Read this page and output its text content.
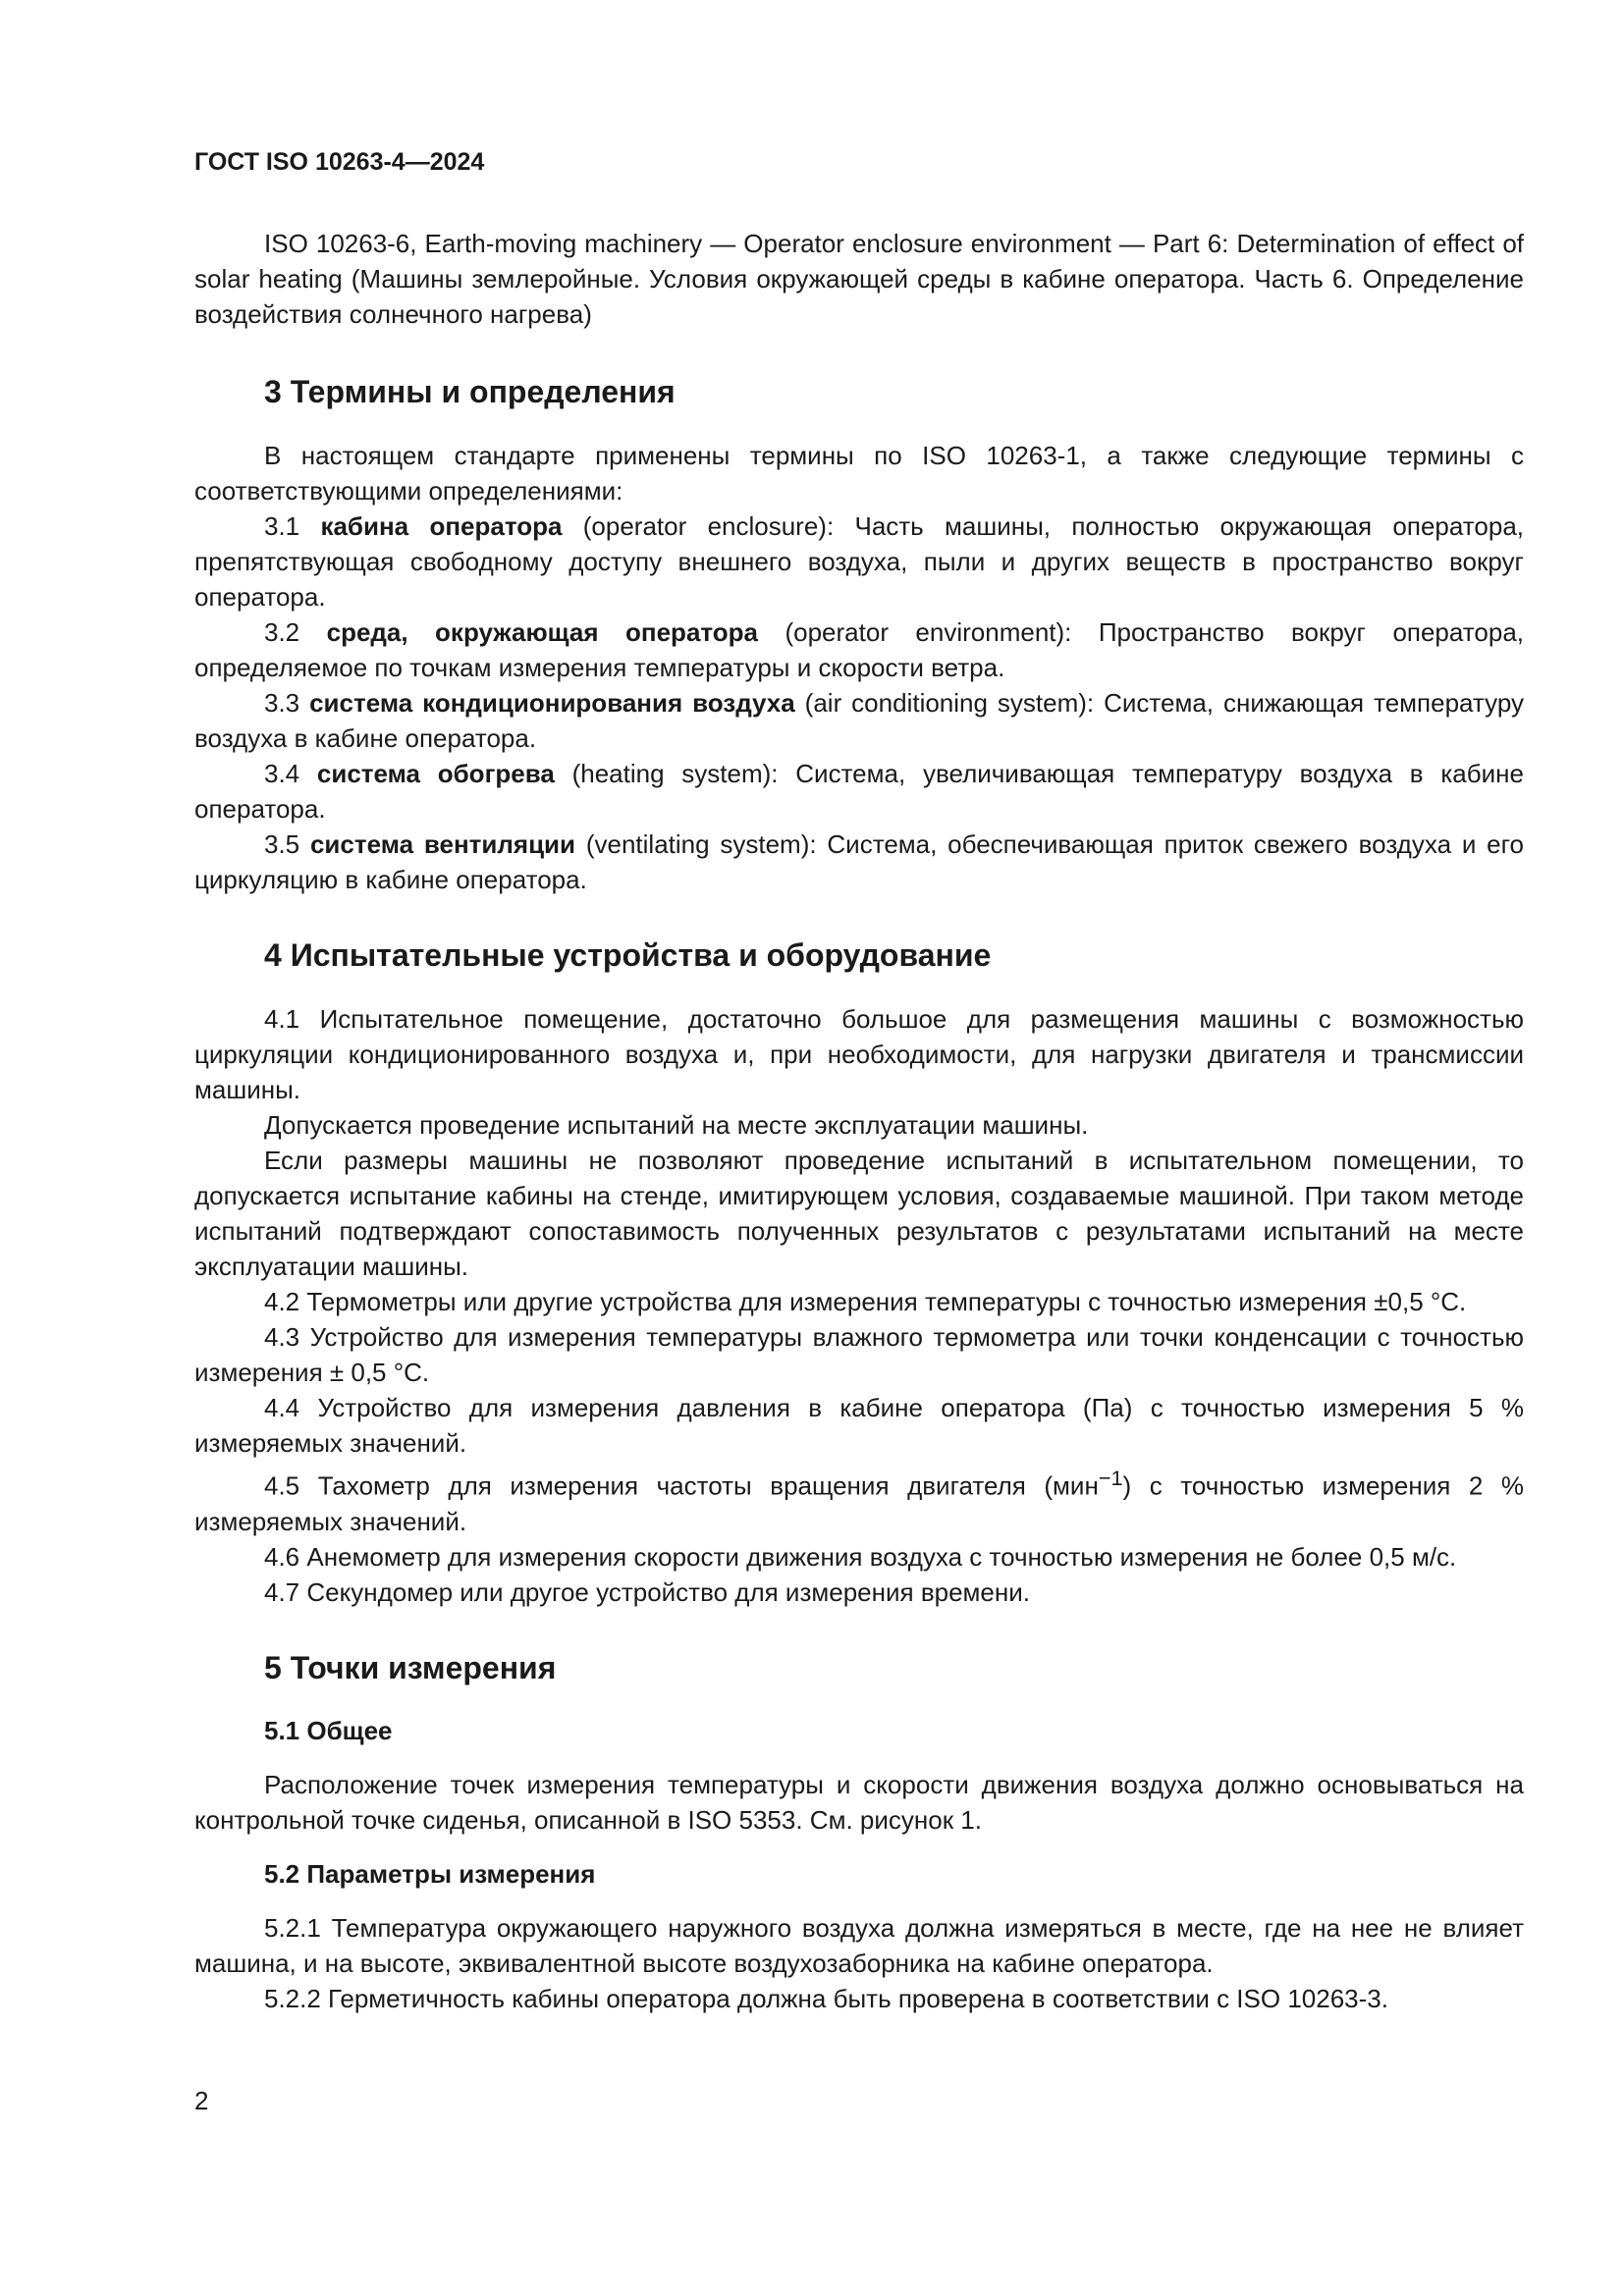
ГОСТ ISO 10263-4—2024

ISO 10263-6, Earth-moving machinery — Operator enclosure environment — Part 6: Determination of effect of solar heating (Машины землеройные. Условия окружающей среды в кабине оператора. Часть 6. Определение воздействия солнечного нагрева)

3 Термины и определения

В настоящем стандарте применены термины по ISO 10263-1, а также следующие термины с соответствующими определениями:

3.1 кабина оператора (operator enclosure): Часть машины, полностью окружающая оператора, препятствующая свободному доступу внешнего воздуха, пыли и других веществ в пространство вокруг оператора.

3.2 среда, окружающая оператора (operator environment): Пространство вокруг оператора, определяемое по точкам измерения температуры и скорости ветра.

3.3 система кондиционирования воздуха (air conditioning system): Система, снижающая температуру воздуха в кабине оператора.

3.4 система обогрева (heating system): Система, увеличивающая температуру воздуха в кабине оператора.

3.5 система вентиляции (ventilating system): Система, обеспечивающая приток свежего воздуха и его циркуляцию в кабине оператора.

4 Испытательные устройства и оборудование

4.1 Испытательное помещение, достаточно большое для размещения машины с возможностью циркуляции кондиционированного воздуха и, при необходимости, для нагрузки двигателя и трансмиссии машины.

Допускается проведение испытаний на месте эксплуатации машины.

Если размеры машины не позволяют проведение испытаний в испытательном помещении, то допускается испытание кабины на стенде, имитирующем условия, создаваемые машиной. При таком методе испытаний подтверждают сопоставимость полученных результатов с результатами испытаний на месте эксплуатации машины.

4.2 Термометры или другие устройства для измерения температуры с точностью измерения ±0,5 °С.

4.3 Устройство для измерения температуры влажного термометра или точки конденсации с точностью измерения ± 0,5 °С.

4.4 Устройство для измерения давления в кабине оператора (Па) с точностью измерения 5 % измеряемых значений.

4.5 Тахометр для измерения частоты вращения двигателя (мин$^{-1}$) с точностью измерения 2 % измеряемых значений.

4.6 Анемометр для измерения скорости движения воздуха с точностью измерения не более 0,5 м/с.

4.7 Секундомер или другое устройство для измерения времени.

5 Точки измерения
5.1 Общее

Расположение точек измерения температуры и скорости движения воздуха должно основываться на контрольной точке сиденья, описанной в ISO 5353. См. рисунок 1.

5.2 Параметры измерения

5.2.1 Температура окружающего наружного воздуха должна измеряться в месте, где на нее не влияет машина, и на высоте, эквивалентной высоте воздухозаборника на кабине оператора.

5.2.2 Герметичность кабины оператора должна быть проверена в соответствии с ISO 10263-3.

2
